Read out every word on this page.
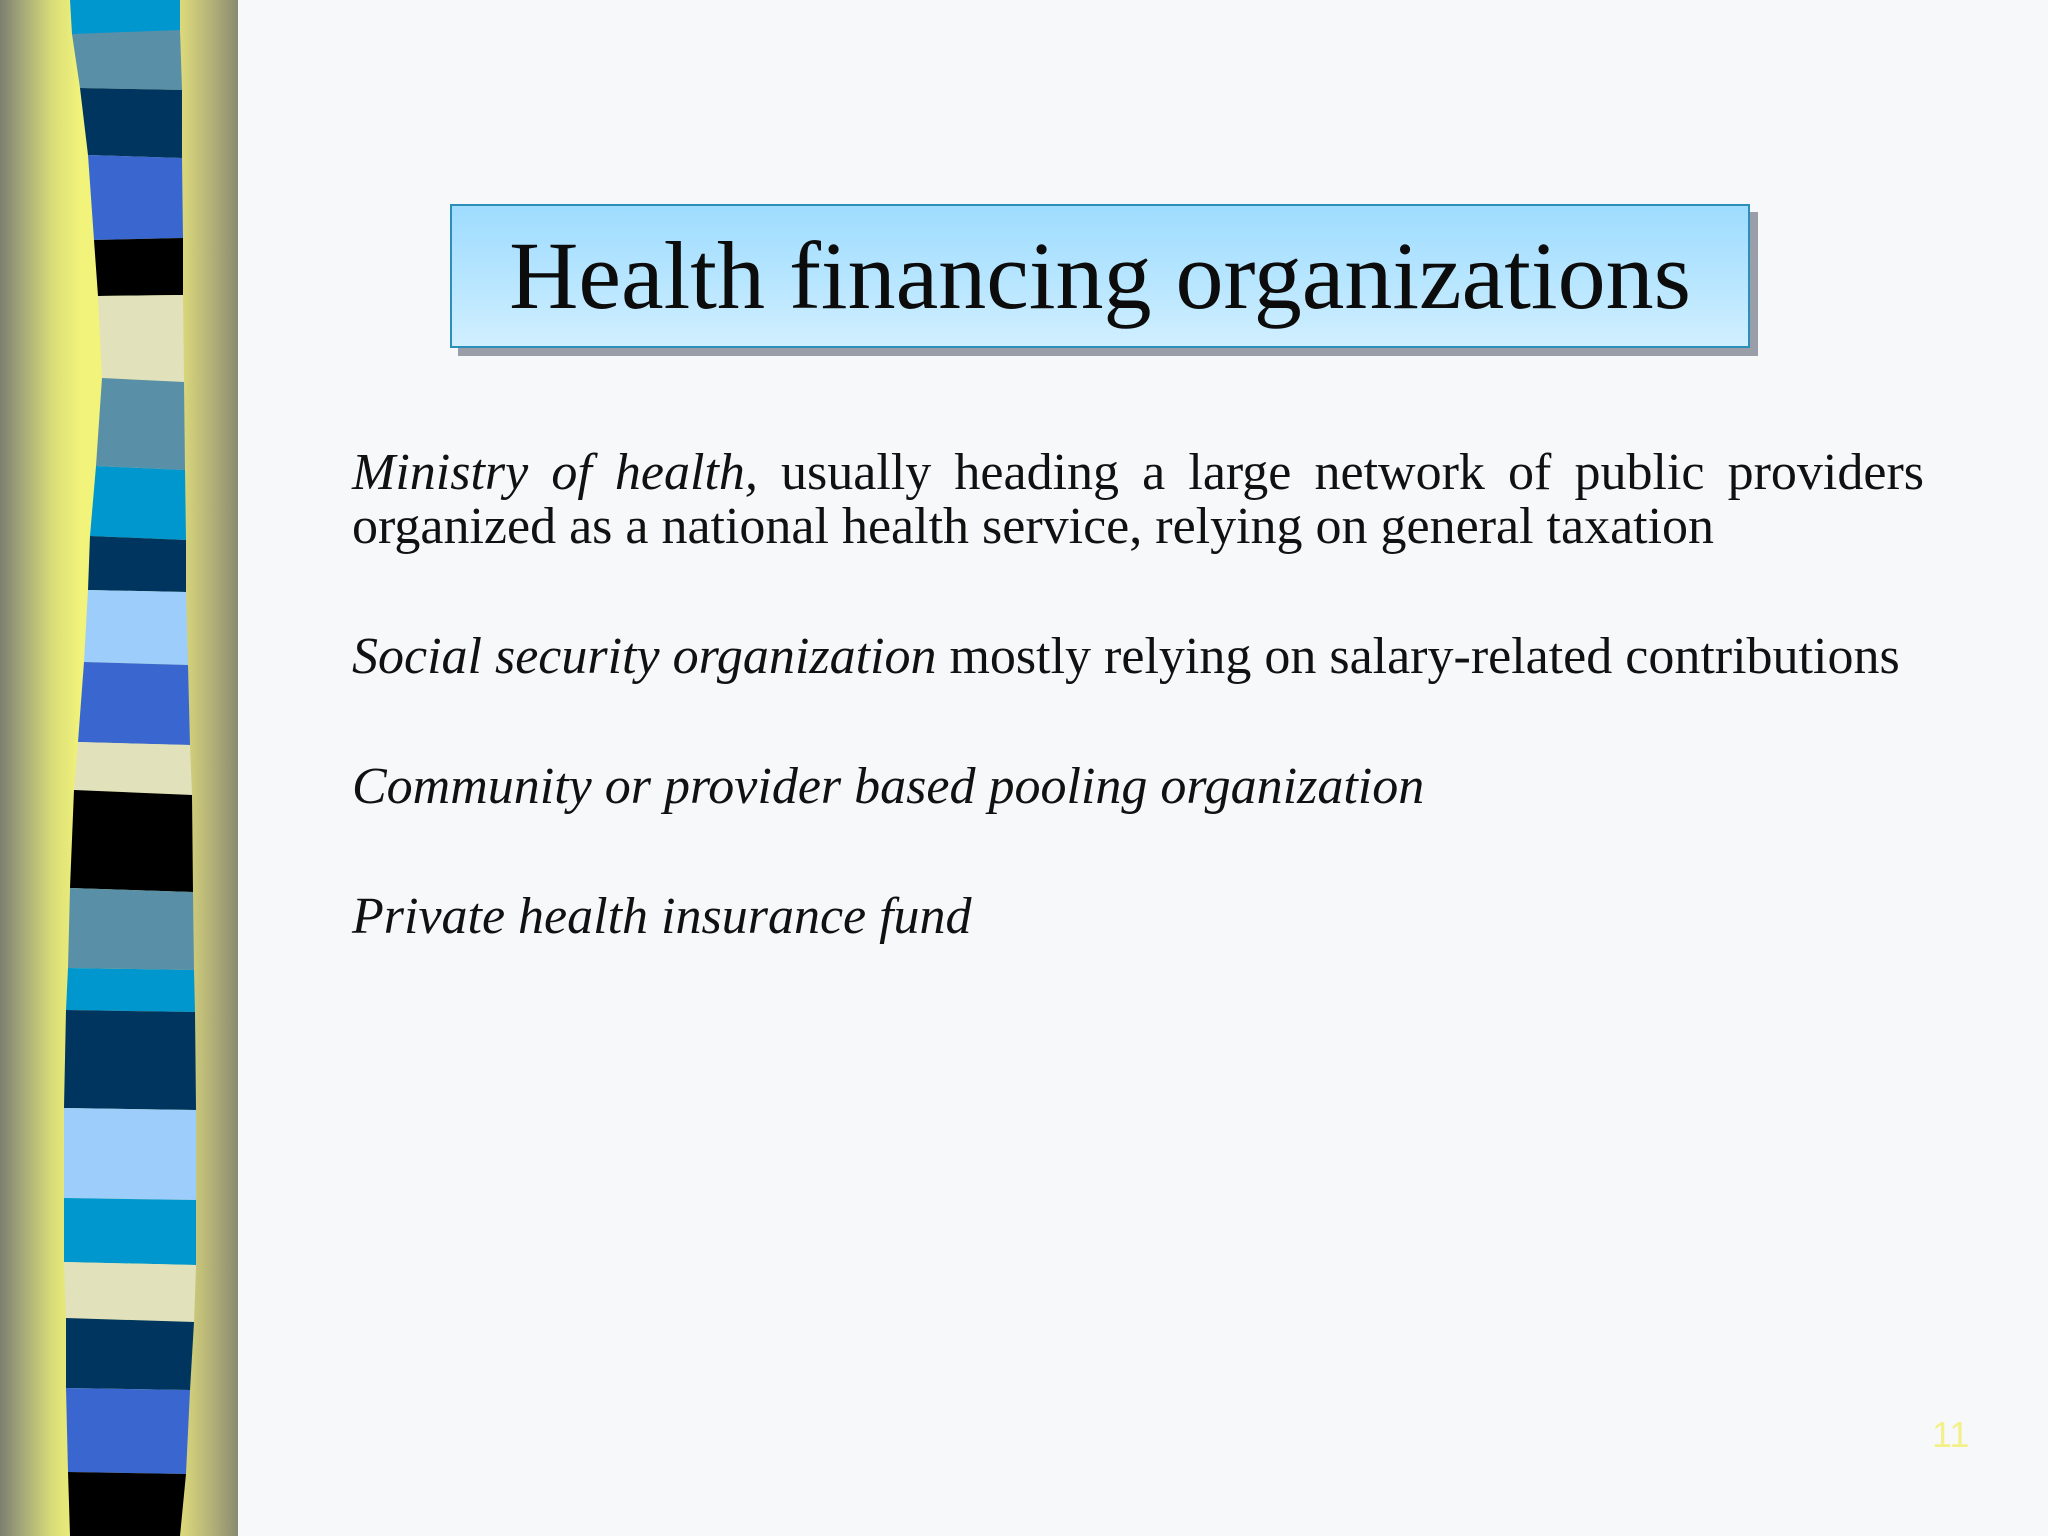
Health financing organizations

Ministry of health, usually heading a large network of public providers organized as a national health service, relying on general taxation

Social security organization mostly relying on salary-related contributions

Community or provider based pooling organization

Private health insurance fund

11
